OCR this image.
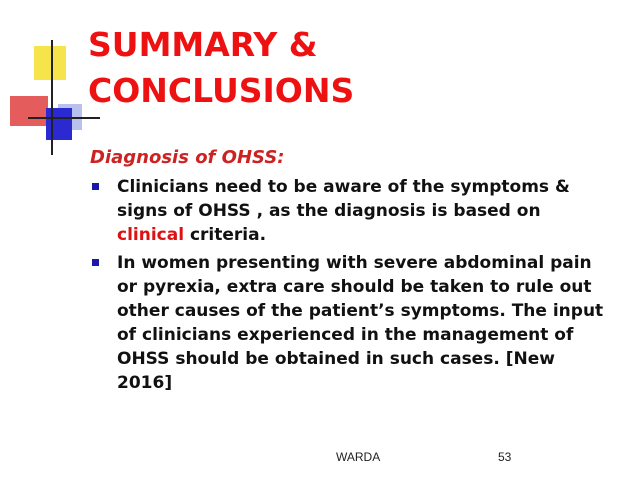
SUMMARY &
CONCLUSIONS

Diagnosis of OHSS:

Clinicians need to be aware of the symptoms & signs of OHSS , as the diagnosis is based on clinical criteria.
In women presenting with severe abdominal pain or pyrexia, extra care should be taken to rule out other causes of the patient’s symptoms. The input of clinicians experienced in the management of OHSS should be obtained in such cases. [New 2016]
WARDA	53
